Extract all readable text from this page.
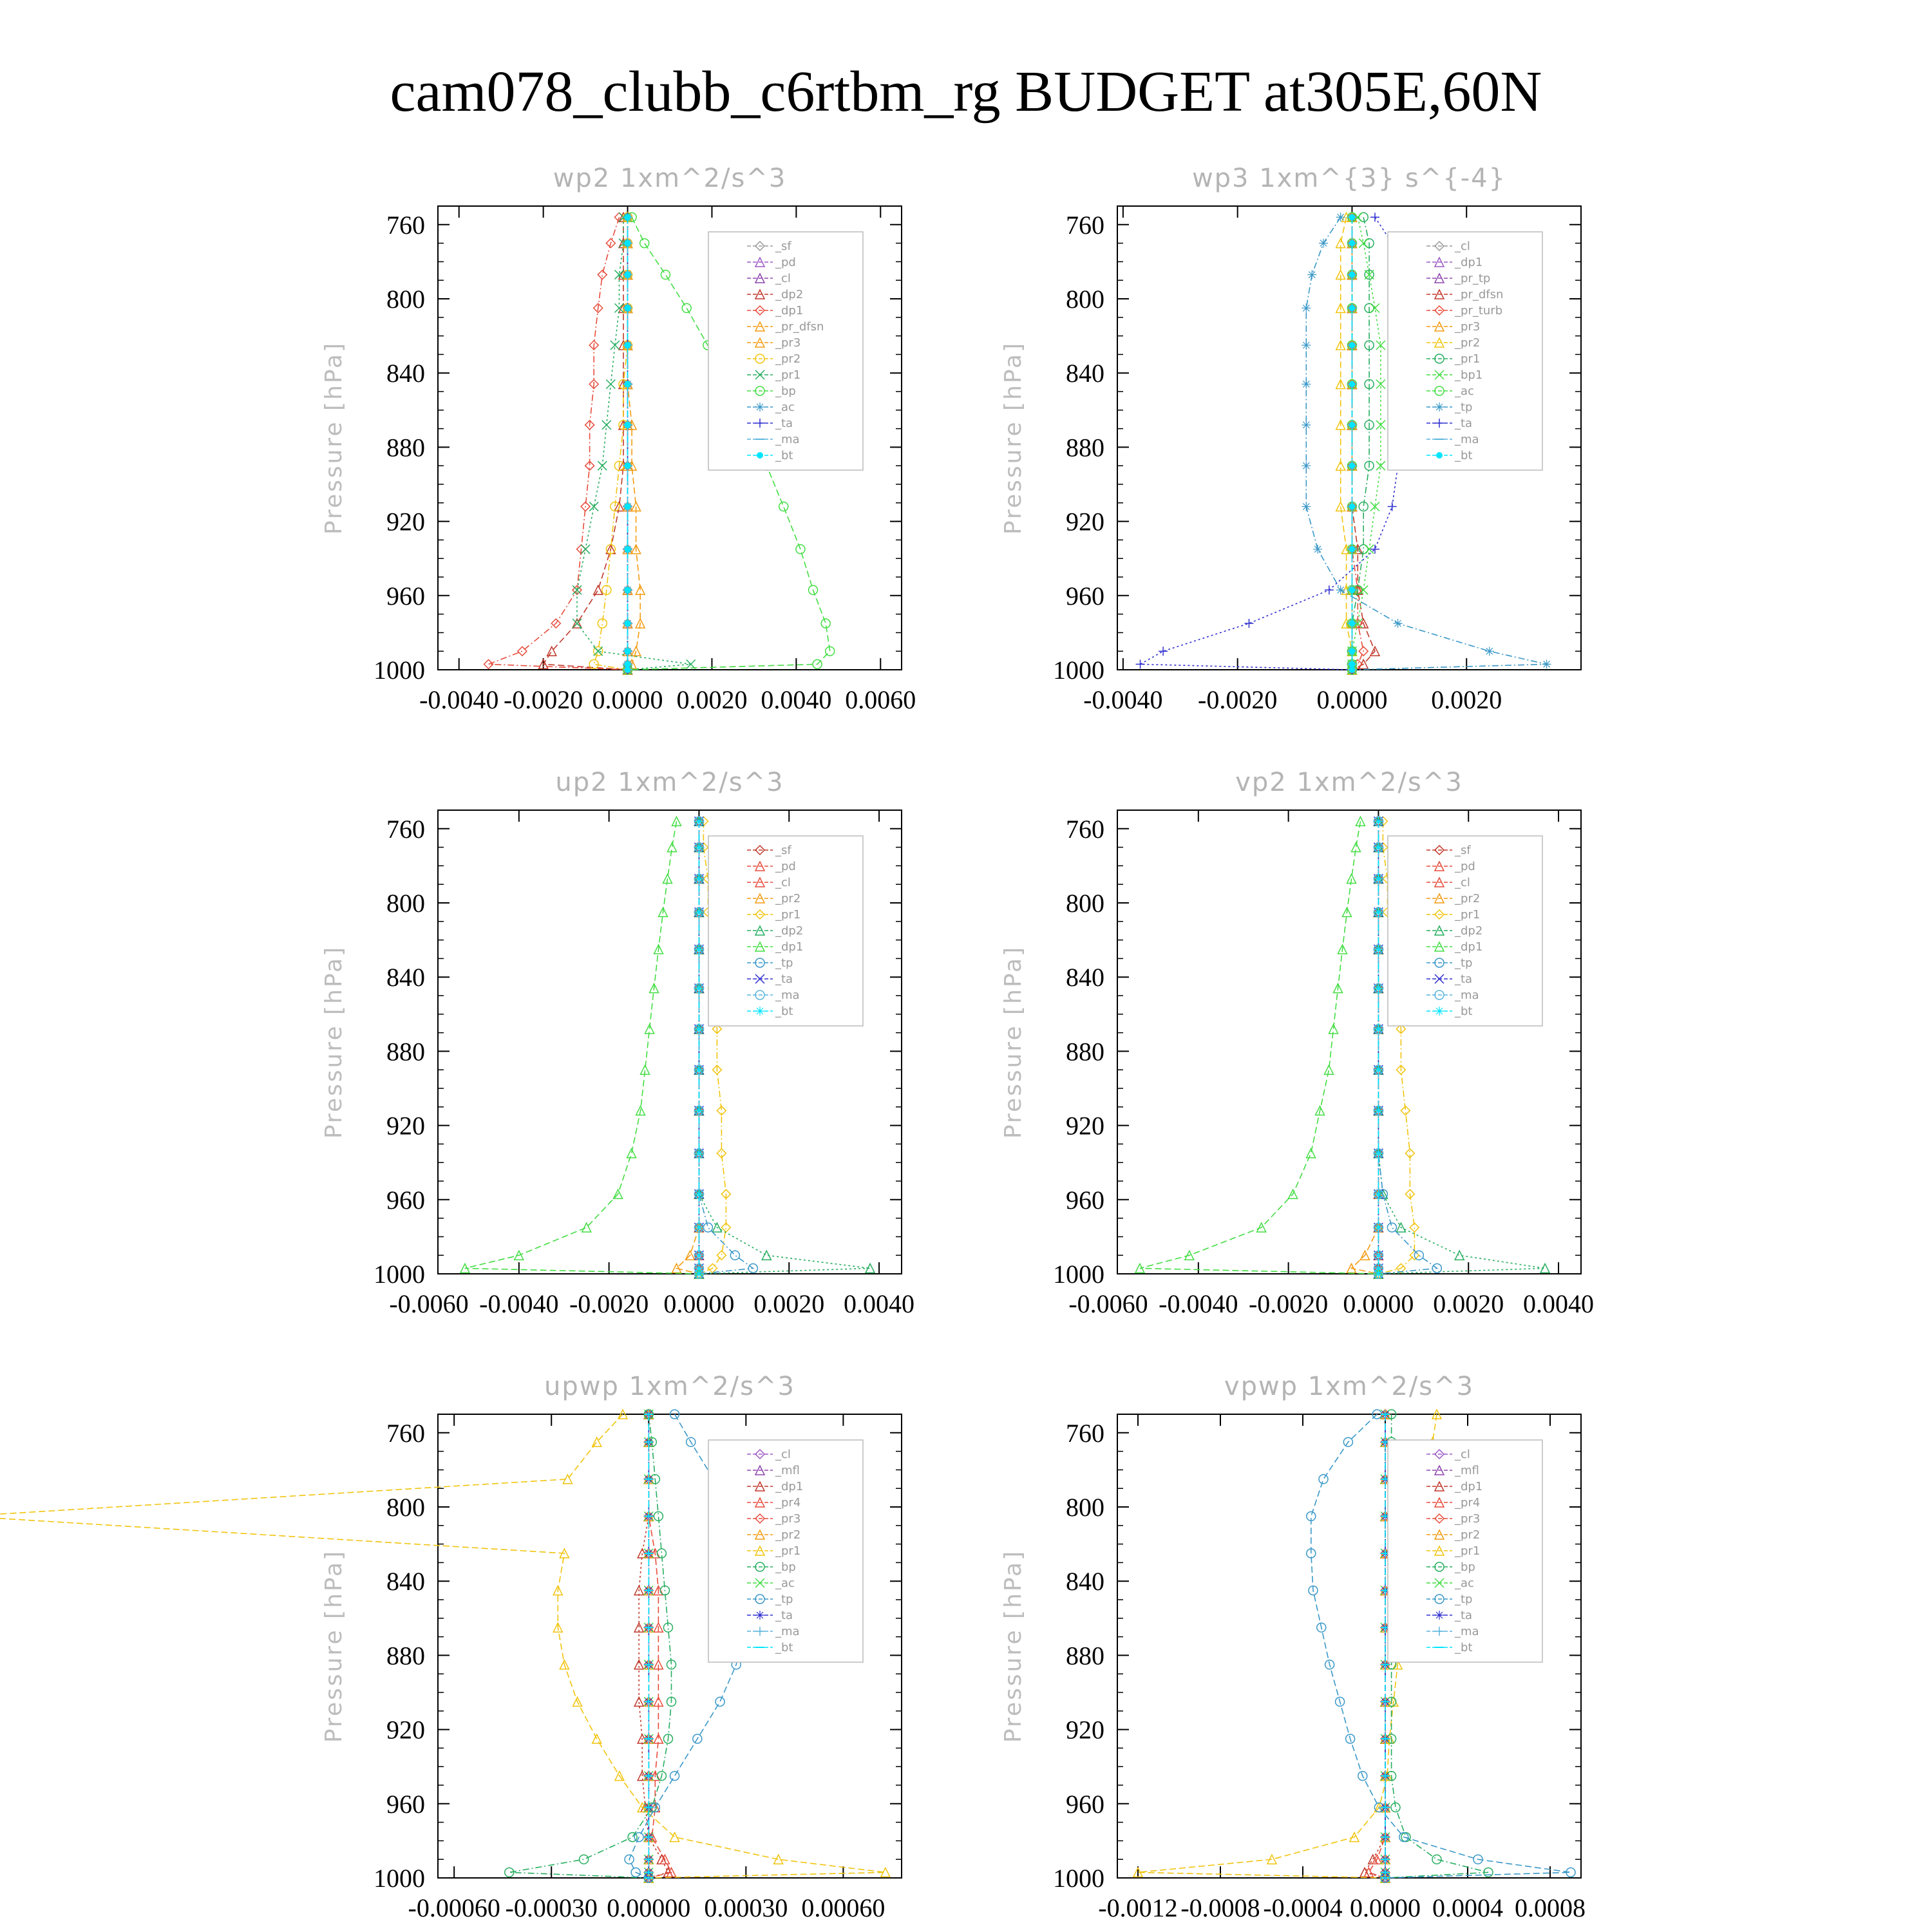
cam078_clubb_c6rtbm_rg BUDGET at305E,60N
wp2 1xm^2/s^3
Pressure [hPa]
760
800
840
880
920
960
1000
-0.0040 -0.0020 0.0000 0.0020 0.0040 0.0060
_sf
_pd
_cl
_dp2
_dp1
_pr_dfsn
_pr3
_pr2
_pr1
_bp
_ac
_ta
_ma
_bt
wp3 1xm^{3} s^{-4}
Pressure [hPa]
760
800
840
880
920
960
1000
-0.0040 -0.0020 0.0000 0.0020
_cl
_dp1
_pr_tp
_pr_dfsn
_pr_turb
_pr3
_pr2
_pr1
_bp1
_ac
_tp
_ta
_ma
_bt
up2 1xm^2/s^3
Pressure [hPa]
760
800
840
880
920
960
1000
-0.0060 -0.0040 -0.0020 0.0000 0.0020 0.0040
_sf
_pd
_cl
_pr2
_pr1
_dp2
_dp1
_tp
_ta
_ma
_bt
vp2 1xm^2/s^3
Pressure [hPa]
760
800
840
880
920
960
1000
-0.0060 -0.0040 -0.0020 0.0000 0.0020 0.0040
_sf
_pd
_cl
_pr2
_pr1
_dp2
_dp1
_tp
_ta
_ma
_bt
upwp 1xm^2/s^3
Pressure [hPa]
760
800
840
880
920
960
1000
-0.00060 -0.00030 0.00000 0.00030 0.00060
_cl
_mfl
_dp1
_pr4
_pr3
_pr2
_pr1
_bp
_ac
_tp
_ta
_ma
_bt
vpwp 1xm^2/s^3
Pressure [hPa]
760
800
840
880
920
960
1000
-0.0012 -0.0008 -0.0004 0.0000 0.0004 0.0008
_cl
_mfl
_dp1
_pr4
_pr3
_pr2
_pr1
_bp
_ac
_tp
_ta
_ma
_bt
